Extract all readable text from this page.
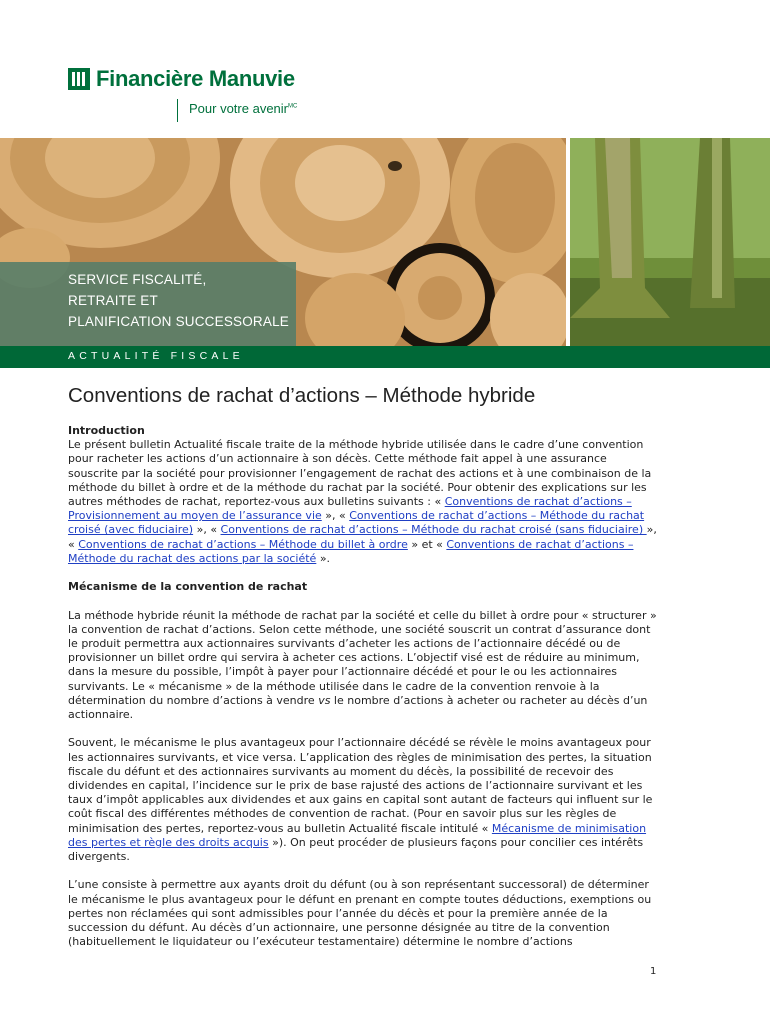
Financière Manuvie
Pour votre avenir$^{MC}$
SERVICE FISCALITÉ,
RETRAITE ET
PLANIFICATION SUCCESSORALE
ACTUALITÉ FISCALE
Conventions de rachat d’actions – Méthode hybride
Introduction

Le présent bulletin Actualité fiscale traite de la méthode hybride utilisée dans le cadre d’une convention pour racheter les actions d’un actionnaire à son décès. Cette méthode fait appel à une assurance souscrite par la société pour provisionner l’engagement de rachat des actions et à une combinaison de la méthode du billet à ordre et de la méthode du rachat par la société. Pour obtenir des explications sur les autres méthodes de rachat, reportez-vous aux bulletins suivants : « Conventions de rachat d’actions – Provisionnement au moyen de l’assurance vie », « Conventions de rachat d’actions – Méthode du rachat croisé (avec fiduciaire) », « Conventions de rachat d’actions – Méthode du rachat croisé (sans fiduciaire) », « Conventions de rachat d’actions – Méthode du billet à ordre » et « Conventions de rachat d’actions – Méthode du rachat des actions par la société ».

Mécanisme de la convention de rachat

La méthode hybride réunit la méthode de rachat par la société et celle du billet à ordre pour « structurer » la convention de rachat d’actions. Selon cette méthode, une société souscrit un contrat d’assurance dont le produit permettra aux actionnaires survivants d’acheter les actions de l’actionnaire décédé ou de provisionner un billet ordre qui servira à acheter ces actions. L’objectif visé est de réduire au minimum, dans la mesure du possible, l’impôt à payer pour l’actionnaire décédé et pour le ou les actionnaires survivants. Le « mécanisme » de la méthode utilisée dans le cadre de la convention renvoie à la détermination du nombre d’actions à vendre vs le nombre d’actions à acheter ou racheter au décès d’un actionnaire.

Souvent, le mécanisme le plus avantageux pour l’actionnaire décédé se révèle le moins avantageux pour les actionnaires survivants, et vice versa. L’application des règles de minimisation des pertes, la situation fiscale du défunt et des actionnaires survivants au moment du décès, la possibilité de recevoir des dividendes en capital, l’incidence sur le prix de base rajusté des actions de l’actionnaire survivant et les taux d’impôt applicables aux dividendes et aux gains en capital sont autant de facteurs qui influent sur le coût fiscal des différentes méthodes de convention de rachat. (Pour en savoir plus sur les règles de minimisation des pertes, reportez-vous au bulletin Actualité fiscale intitulé « Mécanisme de minimisation des pertes et règle des droits acquis »). On peut procéder de plusieurs façons pour concilier ces intérêts divergents.

L’une consiste à permettre aux ayants droit du défunt (ou à son représentant successoral) de déterminer le mécanisme le plus avantageux pour le défunt en prenant en compte toutes déductions, exemptions ou pertes non réclamées qui sont admissibles pour l’année du décès et pour la première année de la succession du défunt. Au décès d’un actionnaire, une personne désignée au titre de la convention (habituellement le liquidateur ou l’exécuteur testamentaire) détermine le nombre d’actions

1
